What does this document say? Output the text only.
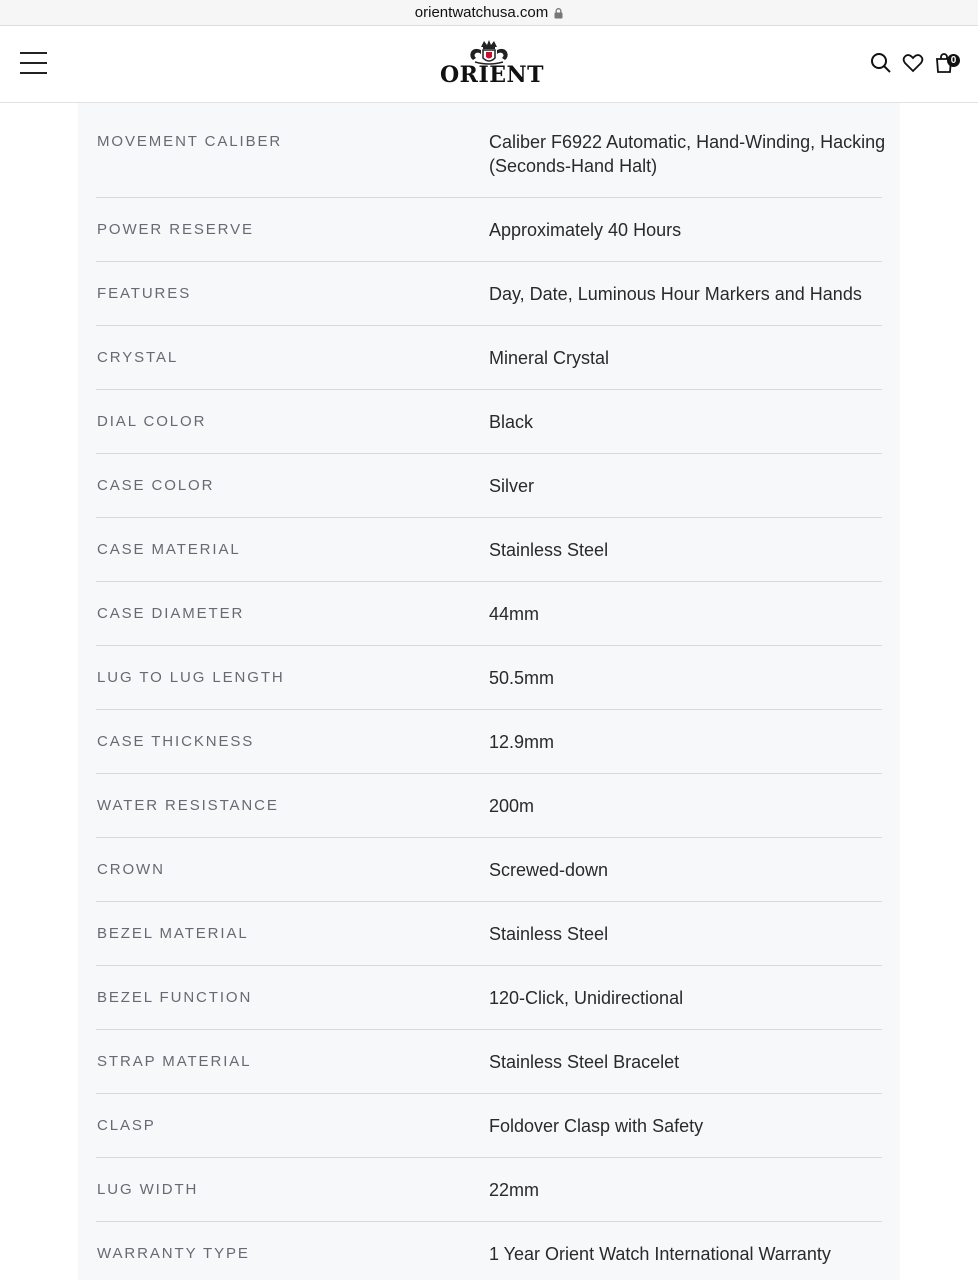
orientwatchusa.com
ORIENT
0
MOVEMENT CALIBER	Caliber F6922 Automatic, Hand-Winding, Hacking (Seconds-Hand Halt)
POWER RESERVE	Approximately 40 Hours
FEATURES	Day, Date, Luminous Hour Markers and Hands
CRYSTAL	Mineral Crystal
DIAL COLOR	Black
CASE COLOR	Silver
CASE MATERIAL	Stainless Steel
CASE DIAMETER	44mm
LUG TO LUG LENGTH	50.5mm
CASE THICKNESS	12.9mm
WATER RESISTANCE	200m
CROWN	Screwed-down
BEZEL MATERIAL	Stainless Steel
BEZEL FUNCTION	120-Click, Unidirectional
STRAP MATERIAL	Stainless Steel Bracelet
CLASP	Foldover Clasp with Safety
LUG WIDTH	22mm
WARRANTY TYPE	1 Year Orient Watch International Warranty
